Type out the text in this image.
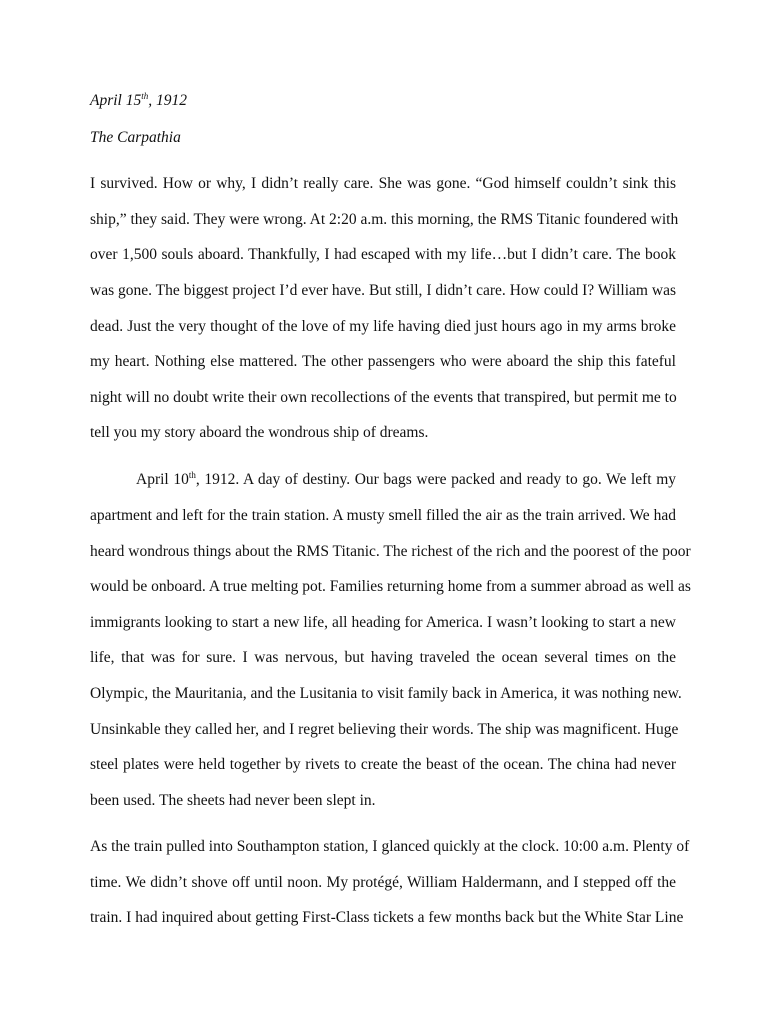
April 15th, 1912
The Carpathia
I survived. How or why, I didn’t really care. She was gone. “God himself couldn’t sink this
ship,” they said. They were wrong. At 2:20 a.m. this morning, the RMS Titanic foundered with
over 1,500 souls aboard. Thankfully, I had escaped with my life…but I didn’t care. The book
was gone. The biggest project I’d ever have. But still, I didn’t care. How could I? William was
dead. Just the very thought of the love of my life having died just hours ago in my arms broke
my heart. Nothing else mattered. The other passengers who were aboard the ship this fateful
night will no doubt write their own recollections of the events that transpired, but permit me to
tell you my story aboard the wondrous ship of dreams.
April 10th, 1912. A day of destiny. Our bags were packed and ready to go. We left my
apartment and left for the train station. A musty smell filled the air as the train arrived. We had
heard wondrous things about the RMS Titanic. The richest of the rich and the poorest of the poor
would be onboard. A true melting pot. Families returning home from a summer abroad as well as
immigrants looking to start a new life, all heading for America. I wasn’t looking to start a new
life, that was for sure. I was nervous, but having traveled the ocean several times on the
Olympic, the Mauritania, and the Lusitania to visit family back in America, it was nothing new.
Unsinkable they called her, and I regret believing their words. The ship was magnificent. Huge
steel plates were held together by rivets to create the beast of the ocean. The china had never
been used. The sheets had never been slept in.
As the train pulled into Southampton station, I glanced quickly at the clock. 10:00 a.m. Plenty of
time. We didn’t shove off until noon. My protégé, William Haldermann, and I stepped off the
train. I had inquired about getting First-Class tickets a few months back but the White Star Line
